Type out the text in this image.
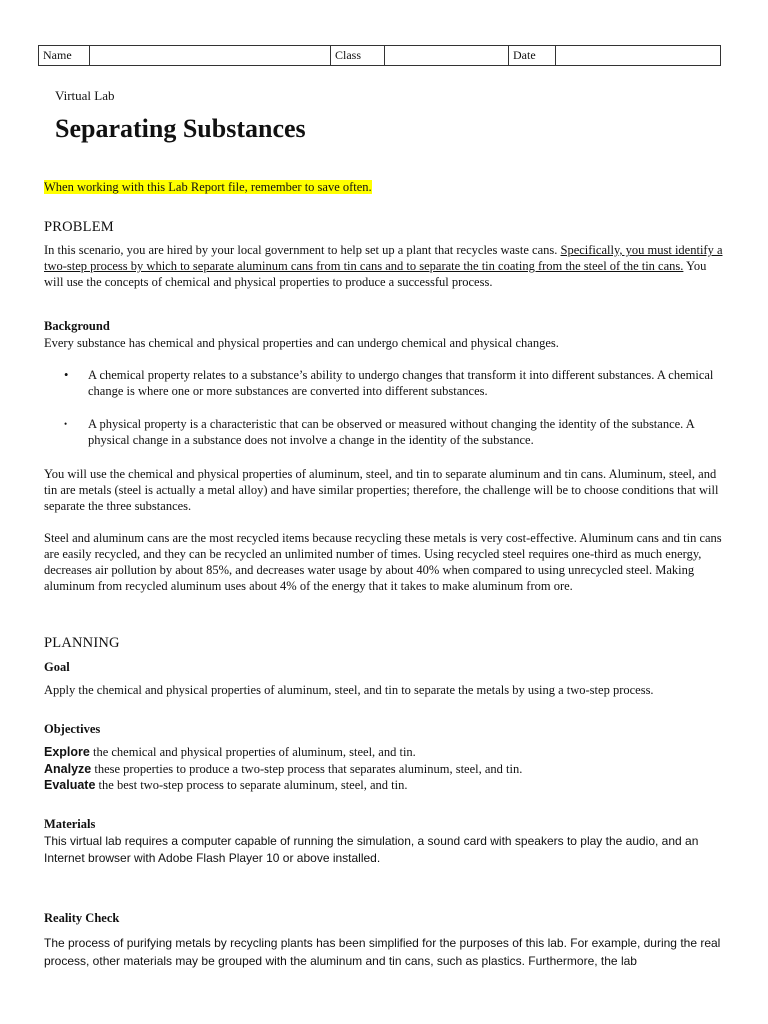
Name		Class		Date	
Virtual Lab
Separating Substances
When working with this Lab Report file, remember to save often.
PROBLEM
In this scenario, you are hired by your local government to help set up a plant that recycles waste cans. Specifically, you must identify a two-step process by which to separate aluminum cans from tin cans and to separate the tin coating from the steel of the tin cans. You will use the concepts of chemical and physical properties to produce a successful process.
Background
Every substance has chemical and physical properties and can undergo chemical and physical changes.
•	A chemical property relates to a substance’s ability to undergo changes that transform it into different substances. A chemical change is where one or more substances are converted into different substances.
•	A physical property is a characteristic that can be observed or measured without changing the identity of the substance. A physical change in a substance does not involve a change in the identity of the substance.
You will use the chemical and physical properties of aluminum, steel, and tin to separate aluminum and tin cans. Aluminum, steel, and tin are metals (steel is actually a metal alloy) and have similar properties; therefore, the challenge will be to choose conditions that will separate the three substances.
Steel and aluminum cans are the most recycled items because recycling these metals is very cost-effective. Aluminum cans and tin cans are easily recycled, and they can be recycled an unlimited number of times. Using recycled steel requires one-third as much energy, decreases air pollution by about 85%, and decreases water usage by about 40% when compared to using unrecycled steel. Making aluminum from recycled aluminum uses about 4% of the energy that it takes to make aluminum from ore.
PLANNING
Goal
Apply the chemical and physical properties of aluminum, steel, and tin to separate the metals by using a two-step process.
Objectives
Explore the chemical and physical properties of aluminum, steel, and tin.
Analyze these properties to produce a two-step process that separates aluminum, steel, and tin.
Evaluate the best two-step process to separate aluminum, steel, and tin.
Materials
This virtual lab requires a computer capable of running the simulation, a sound card with speakers to play the audio, and an Internet browser with Adobe Flash Player 10 or above installed.
Reality Check
The process of purifying metals by recycling plants has been simplified for the purposes of this lab. For example, during the real process, other materials may be grouped with the aluminum and tin cans, such as plastics. Furthermore, the lab
